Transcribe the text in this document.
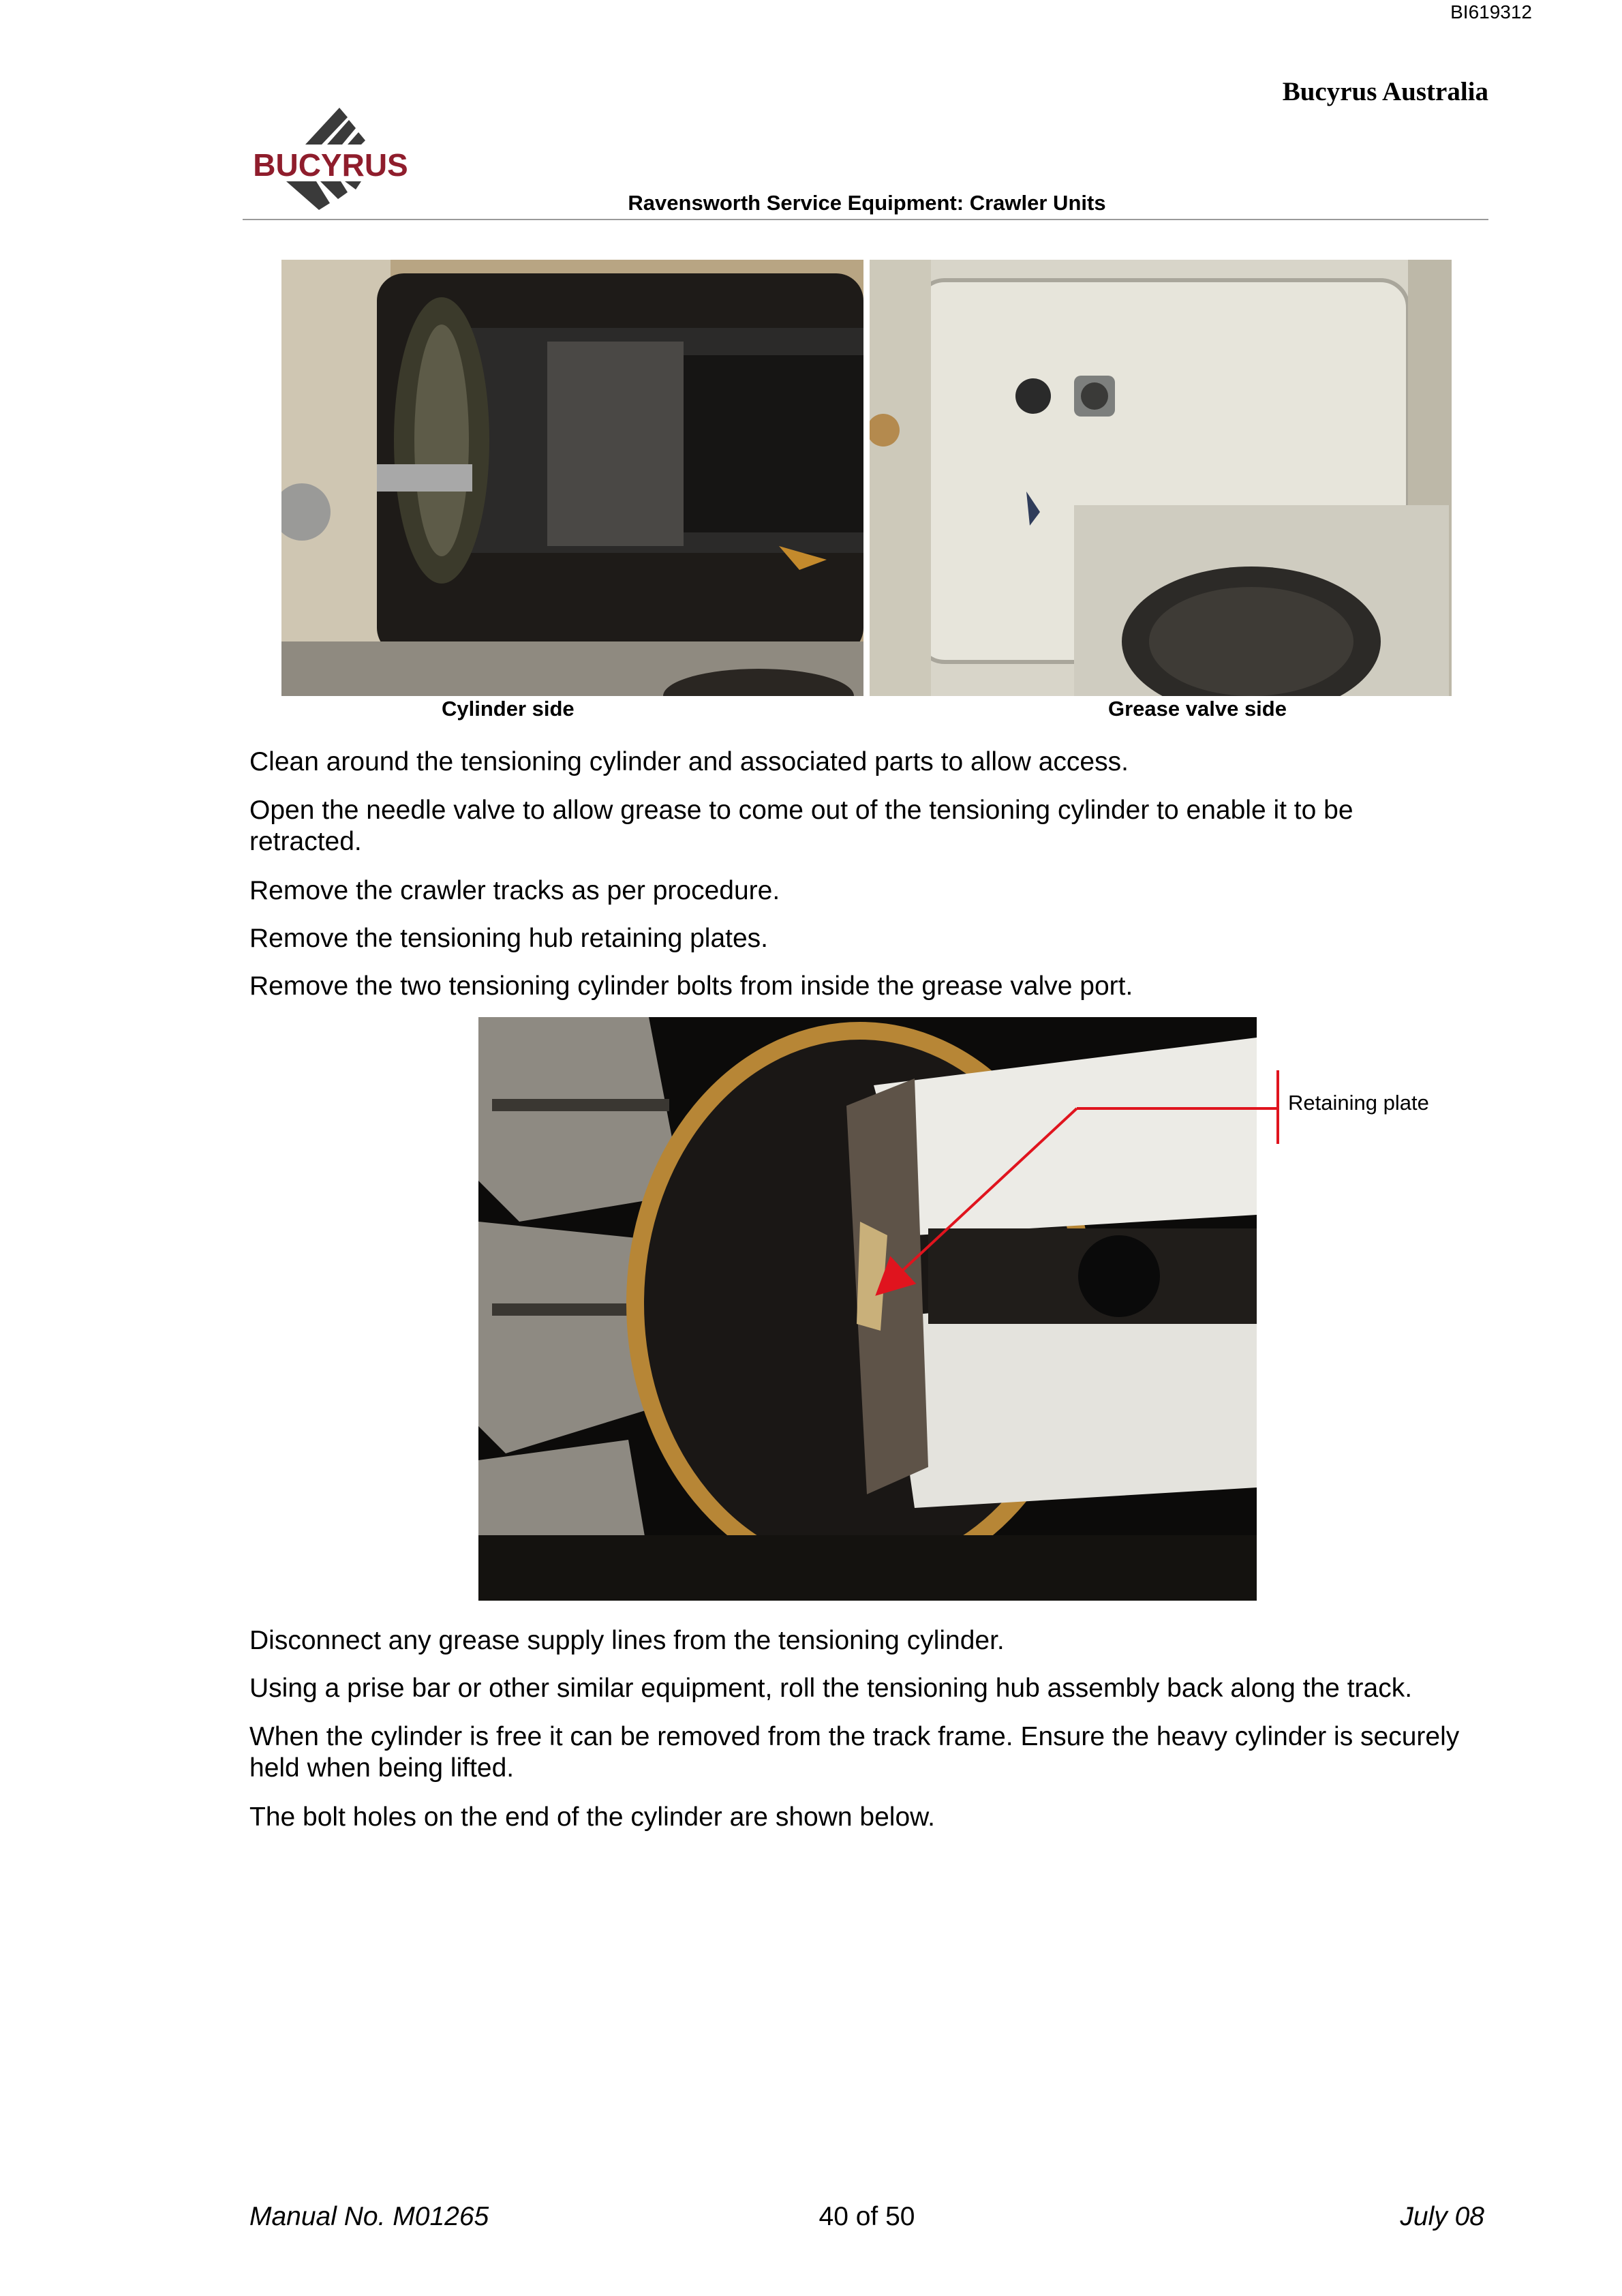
BI619312
Bucyrus Australia
BUCYRUS
Ravensworth Service Equipment: Crawler Units
Cylinder side	Grease valve side
Clean around the tensioning cylinder and associated parts to allow access.
Open the needle valve to allow grease to come out of the tensioning cylinder to enable it to be retracted.
Remove the crawler tracks as per procedure.
Remove the tensioning hub retaining plates.
Remove the two tensioning cylinder bolts from inside the grease valve port.
Retaining plate
Disconnect any grease supply lines from the tensioning cylinder.
Using a prise bar or other similar equipment, roll the tensioning hub assembly back along the track.
When the cylinder is free it can be removed from the track frame. Ensure the heavy cylinder is securely held when being lifted.
The bolt holes on the end of the cylinder are shown below.
Manual No. M01265	40 of 50	July 08
